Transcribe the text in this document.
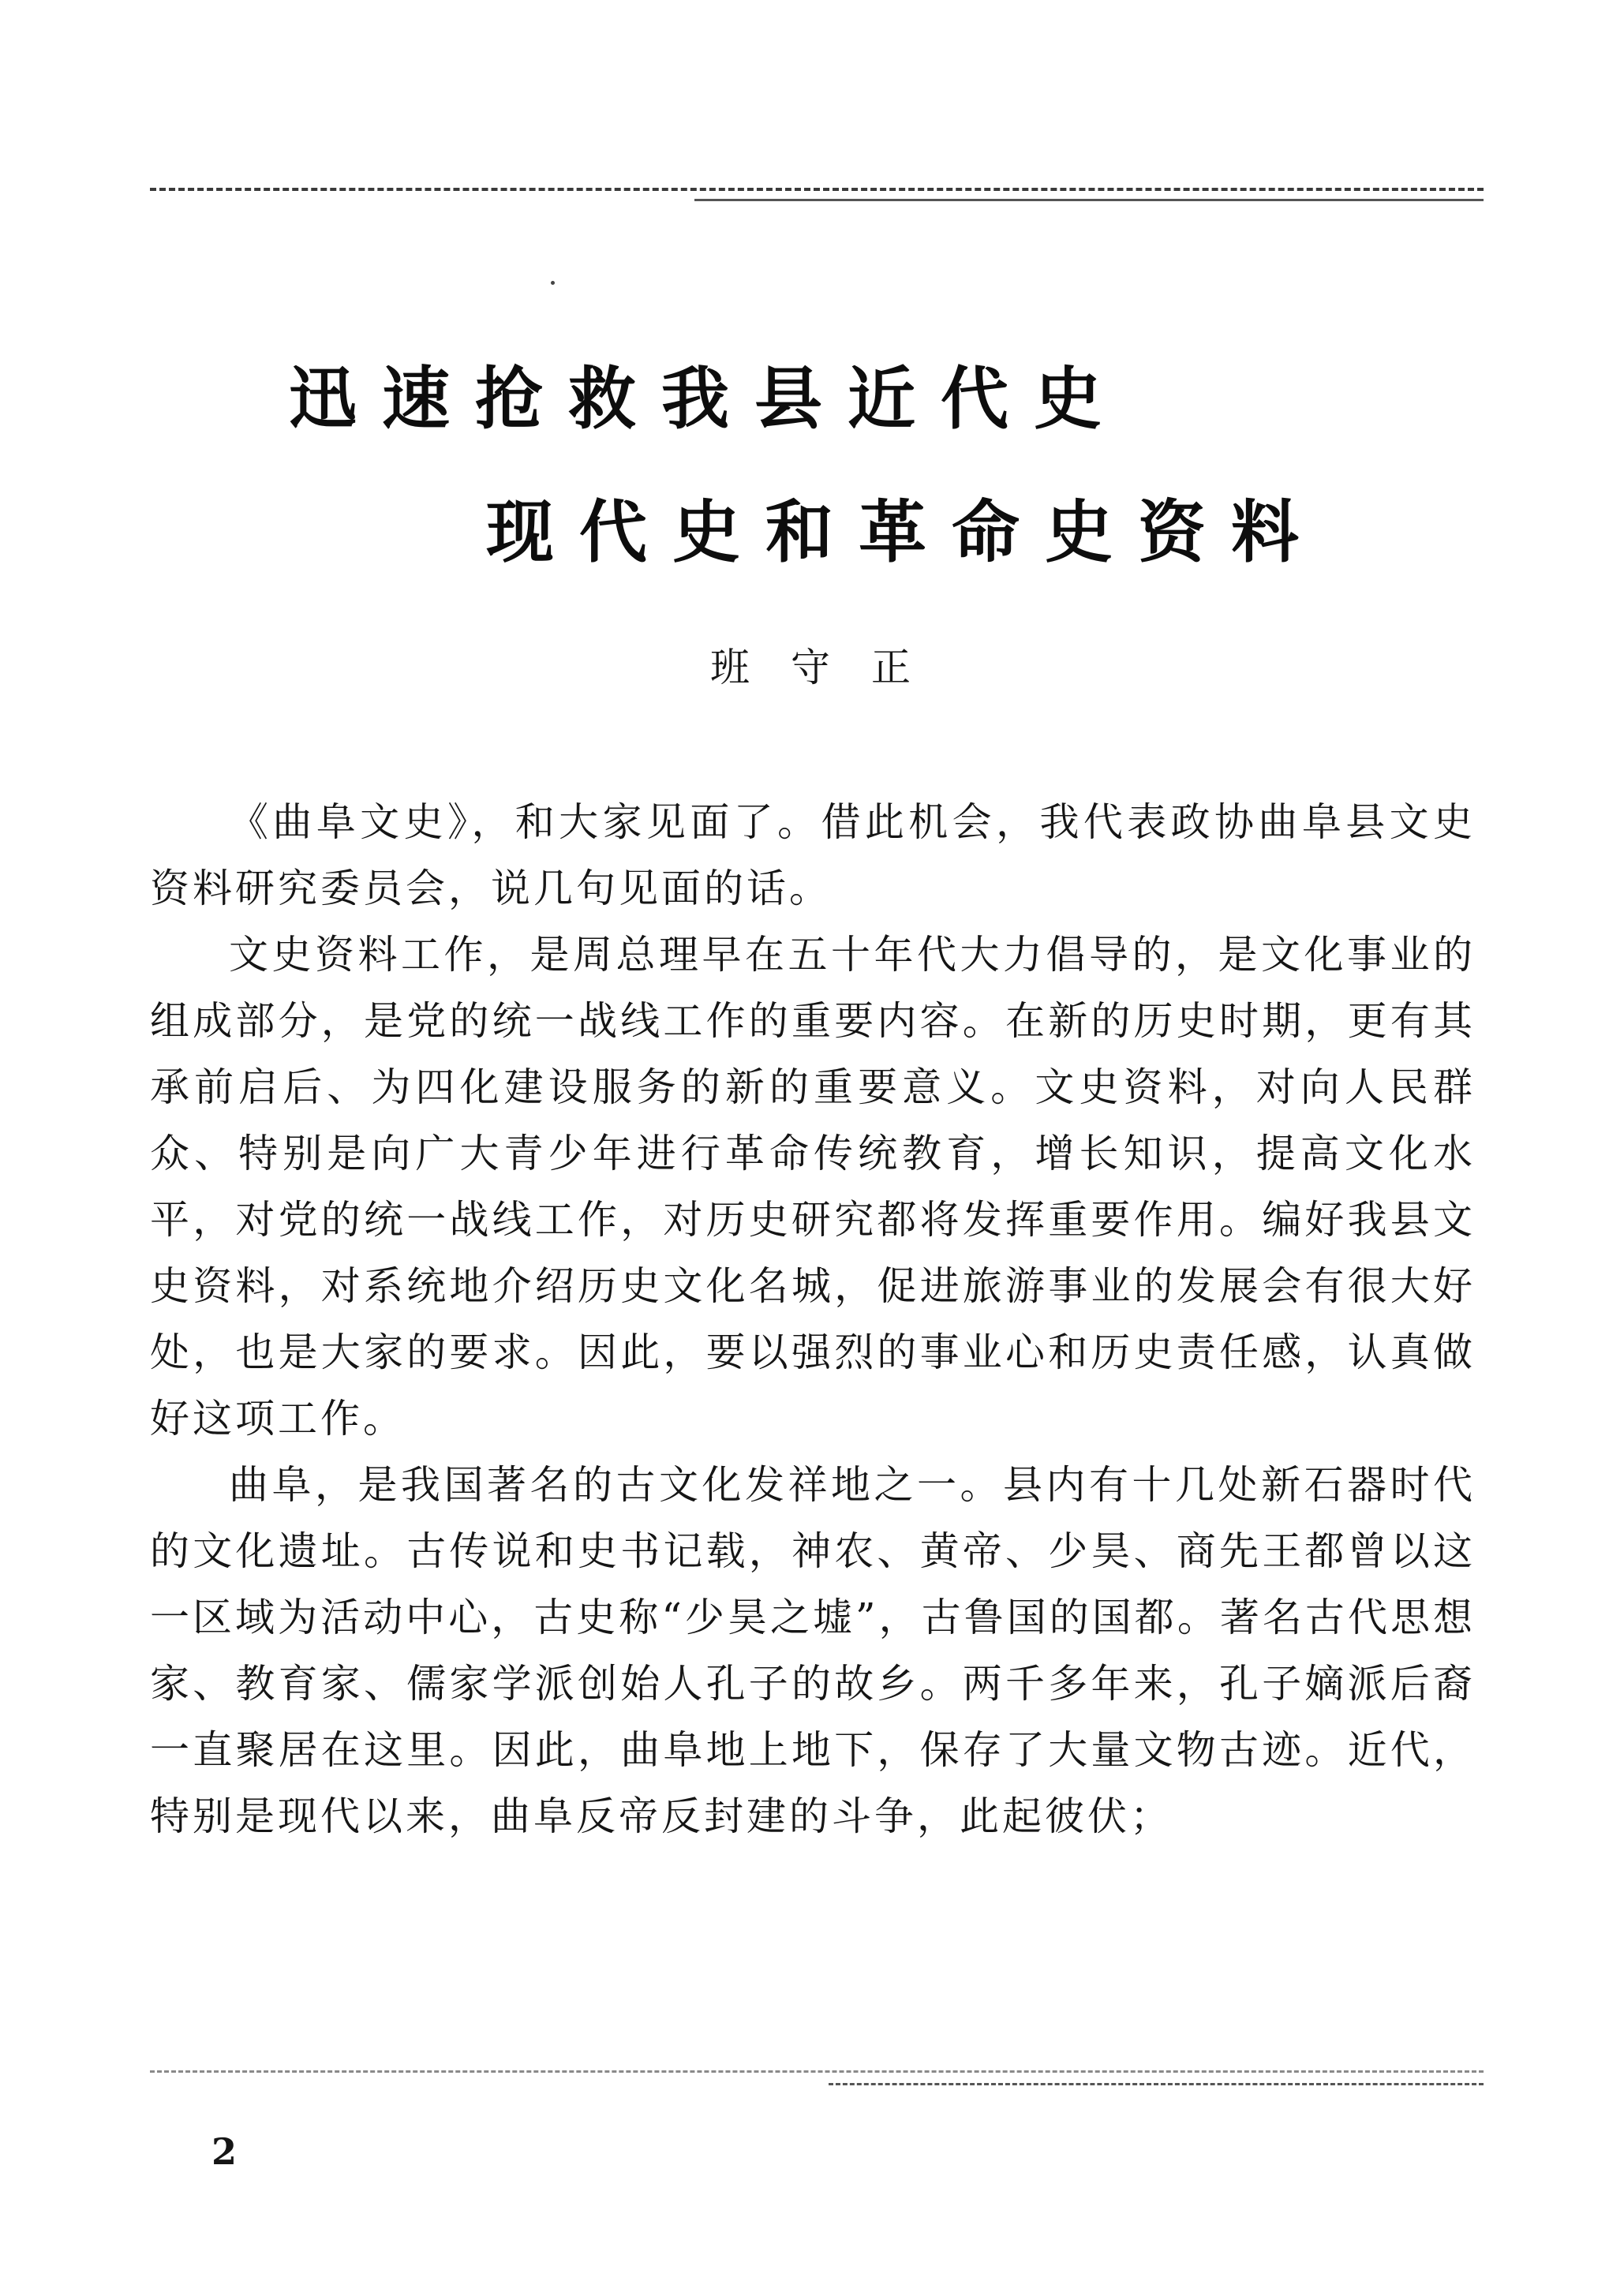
迅速抢救我县近代史
现代史和革命史资料
班守正

《曲阜文史》，和大家见面了。借此机会，我代表政协曲阜县文史资料研究委员会，说几句见面的话。

文史资料工作，是周总理早在五十年代大力倡导的，是文化事业的组成部分，是党的统一战线工作的重要内容。在新的历史时期，更有其承前启后、为四化建设服务的新的重要意义。文史资料，对向人民群众、特别是向广大青少年进行革命传统教育，增长知识，提高文化水平，对党的统一战线工作，对历史研究都将发挥重要作用。编好我县文史资料，对系统地介绍历史文化名城，促进旅游事业的发展会有很大好处，也是大家的要求。因此，要以强烈的事业心和历史责任感，认真做好这项工作。

曲阜，是我国著名的古文化发祥地之一。县内有十几处新石器时代的文化遗址。古传说和史书记载，神农、黄帝、少昊、商先王都曾以这一区域为活动中心，古史称“少昊之墟”，古鲁国的国都。著名古代思想家、教育家、儒家学派创始人孔子的故乡。两千多年来，孔子嫡派后裔一直聚居在这里。因此，曲阜地上地下，保存了大量文物古迹。近代，特别是现代以来，曲阜反帝反封建的斗争，此起彼伏；

2
